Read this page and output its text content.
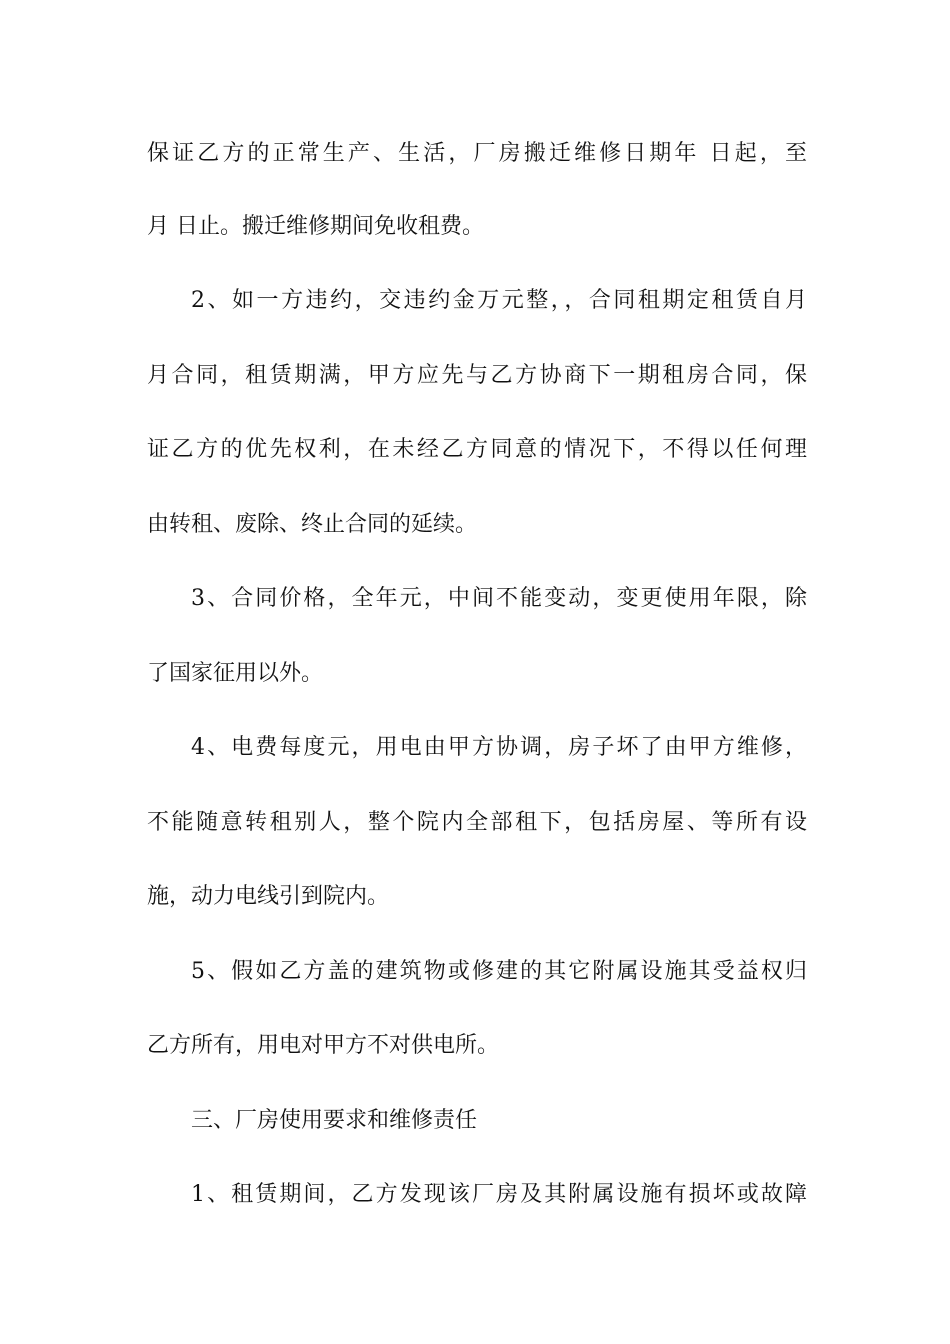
保证乙方的正常生产、生活，厂房搬迁维修日期年 日起，至
月 日止。搬迁维修期间免收租费。
2、如一方违约，交违约金万元整，，合同租期定租赁自月
月合同，租赁期满，甲方应先与乙方协商下一期租房合同，保
证乙方的优先权利，在未经乙方同意的情况下，不得以任何理
由转租、废除、终止合同的延续。
3、合同价格，全年元，中间不能变动，变更使用年限，除
了国家征用以外。
4、电费每度元，用电由甲方协调，房子坏了由甲方维修，
不能随意转租别人，整个院内全部租下，包括房屋、等所有设
施，动力电线引到院内。
5、假如乙方盖的建筑物或修建的其它附属设施其受益权归
乙方所有，用电对甲方不对供电所。
三、厂房使用要求和维修责任
1、租赁期间，乙方发现该厂房及其附属设施有损坏或故障
